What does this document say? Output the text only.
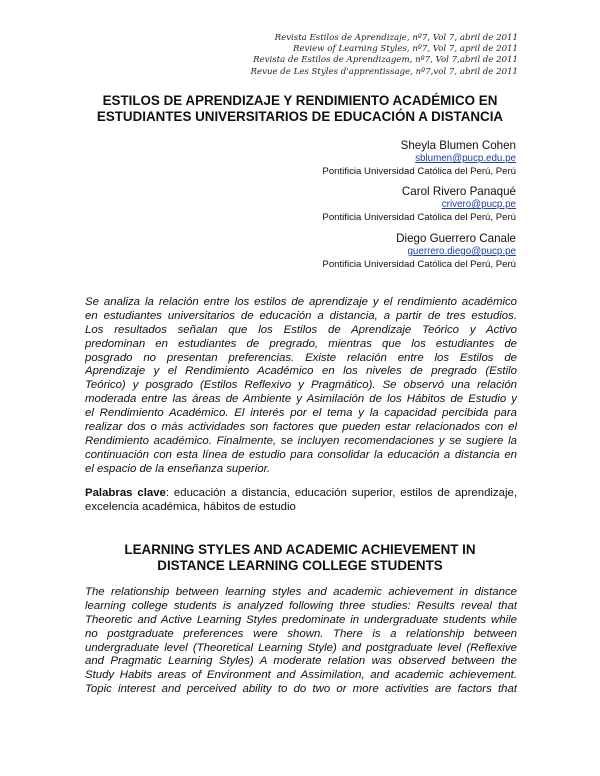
Revista Estilos de Aprendizaje, nº7, Vol 7, abril de 2011
Review of Learning Styles, nº7, Vol 7, april de 2011
Revista de Estilos de Aprendizagem, nº7, Vol 7,abril de 2011
Revue de Les Styles d'apprentissage, nº7,vol 7, abril de 2011
ESTILOS DE APRENDIZAJE Y RENDIMIENTO ACADÉMICO EN
ESTUDIANTES UNIVERSITARIOS DE EDUCACIÓN A DISTANCIA
Sheyla Blumen Cohen
sblumen@pucp.edu.pe
Pontificia Universidad Católica del Perú, Perú
Carol Rivero Panaqué
crivero@pucp.pe
Pontificia Universidad Católica del Perú, Perú
Diego Guerrero Canale
guerrero.diego@pucp.pe
Pontificia Universidad Católica del Perú, Perú
Se analiza la relación entre los estilos de aprendizaje y el rendimiento académico
en estudiantes universitarios de educación a distancia, a partir de tres estudios.
Los resultados señalan que los Estilos de Aprendizaje Teórico y Activo
predominan en estudiantes de pregrado, mientras que los estudiantes de
posgrado no presentan preferencias. Existe relación entre los Estilos de
Aprendizaje y el Rendimiento Académico en los niveles de pregrado (Estilo
Teórico) y posgrado (Estilos Reflexivo y Pragmático). Se observó una relación
moderada entre las áreas de Ambiente y Asimilación de los Hábitos de Estudio y
el Rendimiento Académico. El interés por el tema y la capacidad percibida para
realizar dos o más actividades son factores que pueden estar relacionados con el
Rendimiento académico. Finalmente, se incluyen recomendaciones y se sugiere la
continuación con esta línea de estudio para consolidar la educación a distancia en
el espacio de la enseñanza superior.
Palabras clave: educación a distancia, educación superior, estilos de aprendizaje,
excelencia académica, hábitos de estudio
LEARNING STYLES AND ACADEMIC ACHIEVEMENT IN
DISTANCE LEARNING COLLEGE STUDENTS
The relationship between learning styles and academic achievement in distance
learning college students is analyzed following three studies: Results reveal that
Theoretic and Active Learning Styles predominate in undergraduate students while
no postgraduate preferences were shown. There is a relationship between
undergraduate level (Theoretical Learning Style) and postgraduate level (Reflexive
and Pragmatic Learning Styles) A moderate relation was observed between the
Study Habits areas of Environment and Assimilation, and academic achievement.
Topic interest and perceived ability to do two or more activities are factors that
